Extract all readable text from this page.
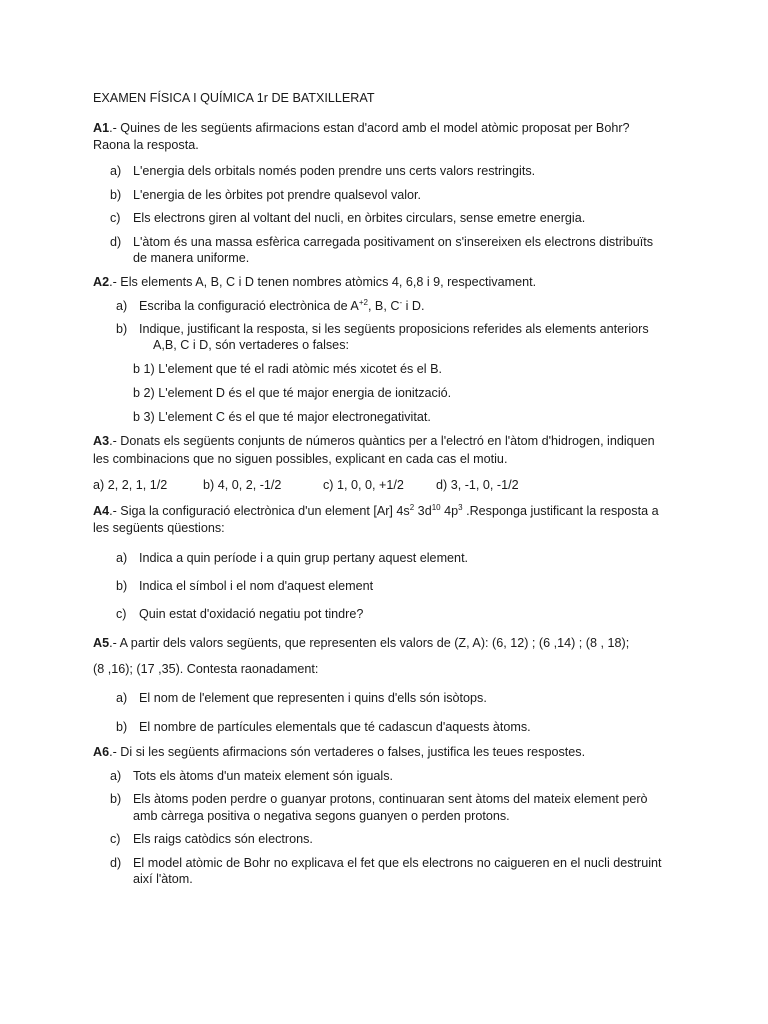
EXAMEN FÍSICA I QUÍMICA 1r DE BATXILLERAT
A1.- Quines de les següents afirmacions estan d'acord amb el model atòmic proposat per Bohr?
Raona la resposta.
a) L'energia dels orbitals només poden prendre uns certs valors restringits.
b) L'energia de les òrbites pot prendre qualsevol valor.
c) Els electrons giren al voltant del nucli, en òrbites circulars, sense emetre energia.
d) L'àtom és una massa esfèrica carregada positivament on s'insereixen els electrons distribuïts
de manera uniforme.
A2.- Els elements A, B, C i D tenen nombres atòmics 4, 6,8 i 9, respectivament.
a) Escriba la configuració electrònica de $A^{+2}$, B, C- i D.
b) Indique, justificant la resposta, si les següents proposicions referides als elements anteriors
A,B, C i D, són vertaderes o falses:
b 1) L'element que té el radi atòmic més xicotet és el B.
b 2) L'element D és el que té major energia de ionització.
b 3) L'element C és el que té major electronegativitat.
A3.- Donats els següents conjunts de números quàntics per a l'electró en l'àtom d'hidrogen, indiquen
les combinacions que no siguen possibles, explicant en cada cas el motiu.
a) 2, 2, 1, 1/2	b) 4, 0, 2, -1/2	c) 1, 0, 0, +1/2	d) 3, -1, 0, -1/2
A4.- Siga la configuració electrònica d'un element [Ar] $4s^2$ $3d^{10}$ $4p^3$ .Responga justificant la resposta a
les següents qüestions:
a) Indica a quin període i a quin grup pertany aquest element.
b) Indica el símbol i el nom d'aquest element
c) Quin estat d'oxidació negatiu pot tindre?
A5.- A partir dels valors següents, que representen els valors de (Z, A): (6, 12) ; (6 ,14) ; (8 , 18);
(8 ,16); (17 ,35). Contesta raonadament:
a) El nom de l'element que representen i quins d'ells són isòtops.
b) El nombre de partícules elementals que té cadascun d'aquests àtoms.
A6.- Di si les següents afirmacions són vertaderes o falses, justifica les teues respostes.
a) Tots els àtoms d'un mateix element són iguals.
b) Els àtoms poden perdre o guanyar protons, continuaran sent àtoms del mateix element però
amb càrrega positiva o negativa segons guanyen o perden protons.
c) Els raigs catòdics són electrons.
d) El model atòmic de Bohr no explicava el fet que els electrons no caigueren en el nucli destruint
així l'àtom.
